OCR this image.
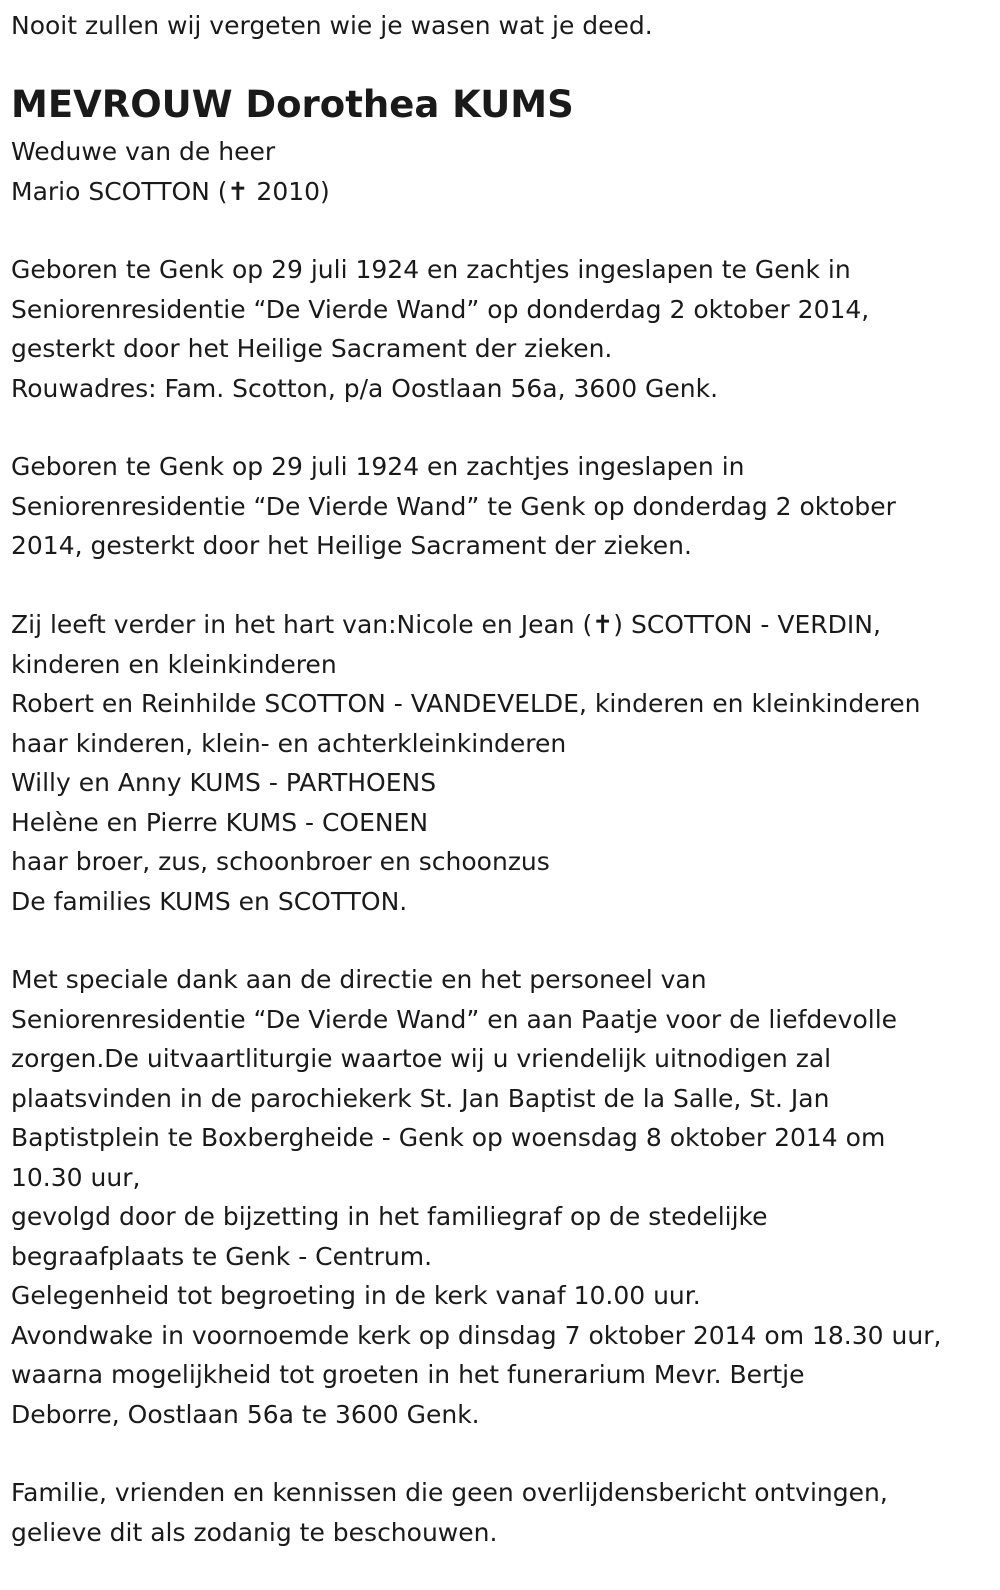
Nooit zullen wij vergeten wie je wasen wat je deed.
MEVROUW Dorothea KUMS
Weduwe van de heer
Mario SCOTTON (✝ 2010)
Geboren te Genk op 29 juli 1924 en zachtjes ingeslapen te Genk in
Seniorenresidentie “De Vierde Wand” op donderdag 2 oktober 2014,
gesterkt door het Heilige Sacrament der zieken.
Rouwadres: Fam. Scotton, p/a Oostlaan 56a, 3600 Genk.
Geboren te Genk op 29 juli 1924 en zachtjes ingeslapen in
Seniorenresidentie “De Vierde Wand” te Genk op donderdag 2 oktober
2014, gesterkt door het Heilige Sacrament der zieken.
Zij leeft verder in het hart van:Nicole en Jean (✝) SCOTTON - VERDIN,
kinderen en kleinkinderen
Robert en Reinhilde SCOTTON - VANDEVELDE, kinderen en kleinkinderen
haar kinderen, klein- en achterkleinkinderen
Willy en Anny KUMS - PARTHOENS
Helène en Pierre KUMS - COENEN
haar broer, zus, schoonbroer en schoonzus
De families KUMS en SCOTTON.
Met speciale dank aan de directie en het personeel van
Seniorenresidentie “De Vierde Wand” en aan Paatje voor de liefdevolle
zorgen.De uitvaartliturgie waartoe wij u vriendelijk uitnodigen zal
plaatsvinden in de parochiekerk St. Jan Baptist de la Salle, St. Jan
Baptistplein te Boxbergheide - Genk op woensdag 8 oktober 2014 om
10.30 uur,
gevolgd door de bijzetting in het familiegraf op de stedelijke
begraafplaats te Genk - Centrum.
Gelegenheid tot begroeting in de kerk vanaf 10.00 uur.
Avondwake in voornoemde kerk op dinsdag 7 oktober 2014 om 18.30 uur,
waarna mogelijkheid tot groeten in het funerarium Mevr. Bertje
Deborre, Oostlaan 56a te 3600 Genk.
Familie, vrienden en kennissen die geen overlijdensbericht ontvingen,
gelieve dit als zodanig te beschouwen.
